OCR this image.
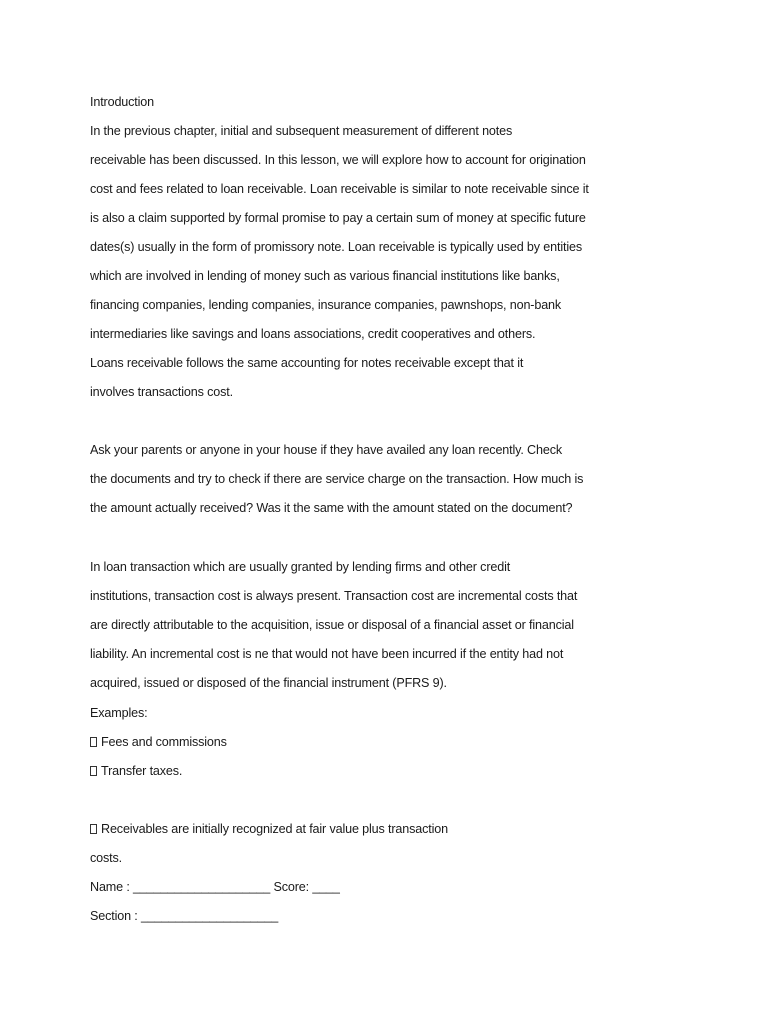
Introduction

In the previous chapter, initial and subsequent measurement of different notes

receivable has been discussed. In this lesson, we will explore how to account for origination

cost and fees related to loan receivable. Loan receivable is similar to note receivable since it

is also a claim supported by formal promise to pay a certain sum of money at specific future

dates(s) usually in the form of promissory note. Loan receivable is typically used by entities

which are involved in lending of money such as various financial institutions like banks,

financing companies, lending companies, insurance companies, pawnshops, non-bank

intermediaries like savings and loans associations, credit cooperatives and others.

Loans receivable follows the same accounting for notes receivable except that it

involves transactions cost.

Ask your parents or anyone in your house if they have availed any loan recently. Check

the documents and try to check if there are service charge on the transaction. How much is

the amount actually received? Was it the same with the amount stated on the document?

In loan transaction which are usually granted by lending firms and other credit

institutions, transaction cost is always present. Transaction cost are incremental costs that

are directly attributable to the acquisition, issue or disposal of a financial asset or financial

liability. An incremental cost is ne that would not have been incurred if the entity had not

acquired, issued or disposed of the financial instrument (PFRS 9).

Examples:

Fees and commissions

Transfer taxes.

Receivables are initially recognized at fair value plus transaction

costs.

Name : ____________________ Score: ____

Section : ____________________
